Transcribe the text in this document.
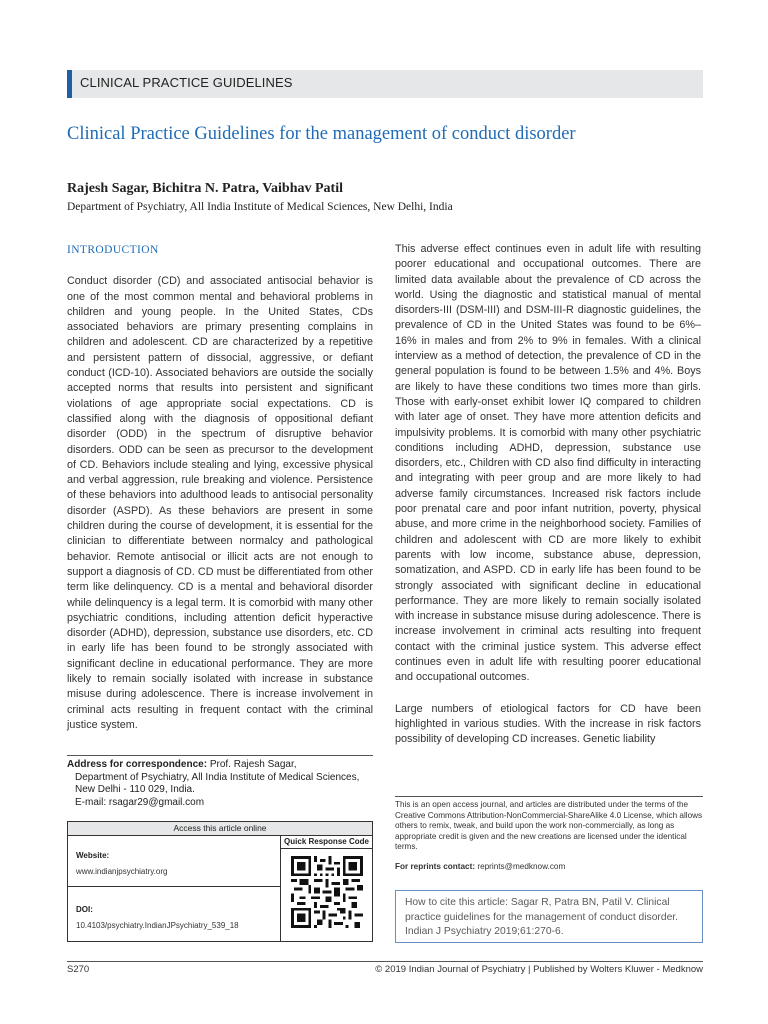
CLINICAL PRACTICE GUIDELINES
Clinical Practice Guidelines for the management of conduct disorder
Rajesh Sagar, Bichitra N. Patra, Vaibhav Patil
Department of Psychiatry, All India Institute of Medical Sciences, New Delhi, India
INTRODUCTION

Conduct disorder (CD) and associated antisocial behavior is one of the most common mental and behavioral problems in children and young people. In the United States, CDs associated behaviors are primary presenting complains in children and adolescent. CD are characterized by a repetitive and persistent pattern of dissocial, aggressive, or defiant conduct (ICD-10). Associated behaviors are outside the socially accepted norms that results into persistent and significant violations of age appropriate social expectations. CD is classified along with the diagnosis of oppositional defiant disorder (ODD) in the spectrum of disruptive behavior disorders. ODD can be seen as precursor to the development of CD. Behaviors include stealing and lying, excessive physical and verbal aggression, rule breaking and violence. Persistence of these behaviors into adulthood leads to antisocial personality disorder (ASPD). As these behaviors are present in some children during the course of development, it is essential for the clinician to differentiate between normalcy and pathological behavior. Remote antisocial or illicit acts are not enough to support a diagnosis of CD. CD must be differentiated from other term like delinquency. CD is a mental and behavioral disorder while delinquency is a legal term. It is comorbid with many other psychiatric conditions, including attention deficit hyperactive disorder (ADHD), depression, substance use disorders, etc. CD in early life has been found to be strongly associated with significant decline in educational performance. They are more likely to remain socially isolated with increase in substance misuse during adolescence. There is increase involvement in criminal acts resulting in frequent contact with the criminal justice system.

This adverse effect continues even in adult life with resulting poorer educational and occupational outcomes. There are limited data available about the prevalence of CD across the world. Using the diagnostic and statistical manual of mental disorders-III (DSM-III) and DSM-III-R diagnostic guidelines, the prevalence of CD in the United States was found to be 6%–16% in males and from 2% to 9% in females. With a clinical interview as a method of detection, the prevalence of CD in the general population is found to be between 1.5% and 4%. Boys are likely to have these conditions two times more than girls. Those with early-onset exhibit lower IQ compared to children with later age of onset. They have more attention deficits and impulsivity problems. It is comorbid with many other psychiatric conditions including ADHD, depression, substance use disorders, etc., Children with CD also find difficulty in interacting and integrating with peer group and are more likely to had adverse family circumstances. Increased risk factors include poor prenatal care and poor infant nutrition, poverty, physical abuse, and more crime in the neighborhood society. Families of children and adolescent with CD are more likely to exhibit parents with low income, substance abuse, depression, somatization, and ASPD. CD in early life has been found to be strongly associated with significant decline in educational performance. They are more likely to remain socially isolated with increase in substance misuse during adolescence. There is increase involvement in criminal acts resulting into frequent contact with the criminal justice system. This adverse effect continues even in adult life with resulting poorer educational and occupational outcomes.

Large numbers of etiological factors for CD have been highlighted in various studies. With the increase in risk factors possibility of developing CD increases. Genetic liability

Address for correspondence: Prof. Rajesh Sagar,
Department of Psychiatry, All India Institute of Medical Sciences,
New Delhi - 110 029, India.
E-mail: rsagar29@gmail.com
Access this article online
Website:
www.indianjpsychiatry.org
DOI:
10.4103/psychiatry.IndianJPsychiatry_539_18
Quick Response Code
This is an open access journal, and articles are distributed under the terms of the Creative Commons Attribution-NonCommercial-ShareAlike 4.0 License, which allows others to remix, tweak, and build upon the work non-commercially, as long as appropriate credit is given and the new creations are licensed under the identical terms.
For reprints contact: reprints@medknow.com
How to cite this article: Sagar R, Patra BN, Patil V. Clinical practice guidelines for the management of conduct disorder. Indian J Psychiatry 2019;61:270-6.
S270	© 2019 Indian Journal of Psychiatry | Published by Wolters Kluwer - Medknow
